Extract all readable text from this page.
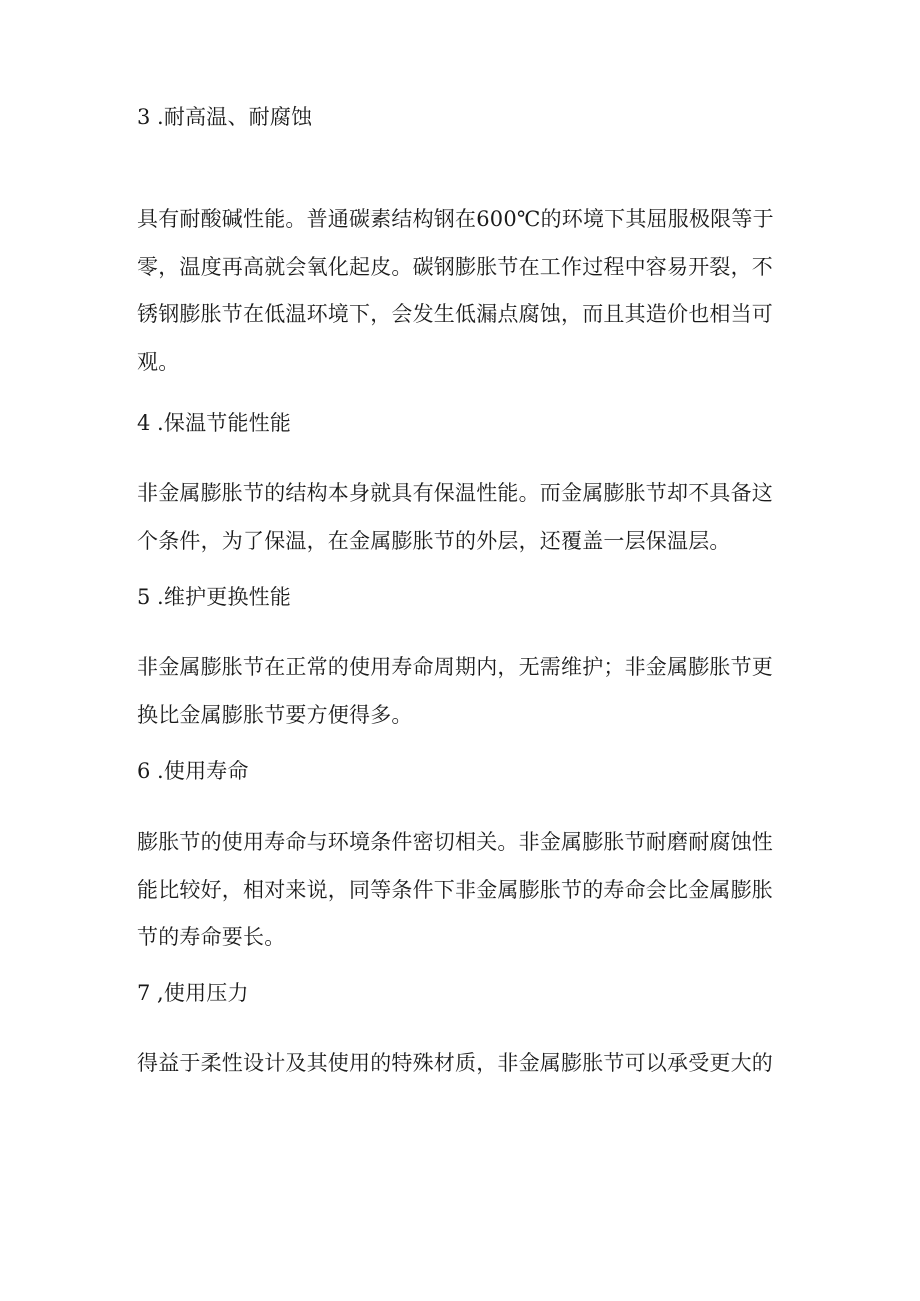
3 .耐高温、耐腐蚀

具有耐酸碱性能。普通碳素结构钢在600℃的环境下其屈服极限等于
零，温度再高就会氧化起皮。碳钢膨胀节在工作过程中容易开裂，不
锈钢膨胀节在低温环境下，会发生低漏点腐蚀，而且其造价也相当可
观。

4 .保温节能性能

非金属膨胀节的结构本身就具有保温性能。而金属膨胀节却不具备这
个条件，为了保温，在金属膨胀节的外层，还覆盖一层保温层。

5 .维护更换性能

非金属膨胀节在正常的使用寿命周期内，无需维护；非金属膨胀节更
换比金属膨胀节要方便得多。

6 .使用寿命

膨胀节的使用寿命与环境条件密切相关。非金属膨胀节耐磨耐腐蚀性
能比较好，相对来说，同等条件下非金属膨胀节的寿命会比金属膨胀
节的寿命要长。

7 ,使用压力

得益于柔性设计及其使用的特殊材质，非金属膨胀节可以承受更大的
